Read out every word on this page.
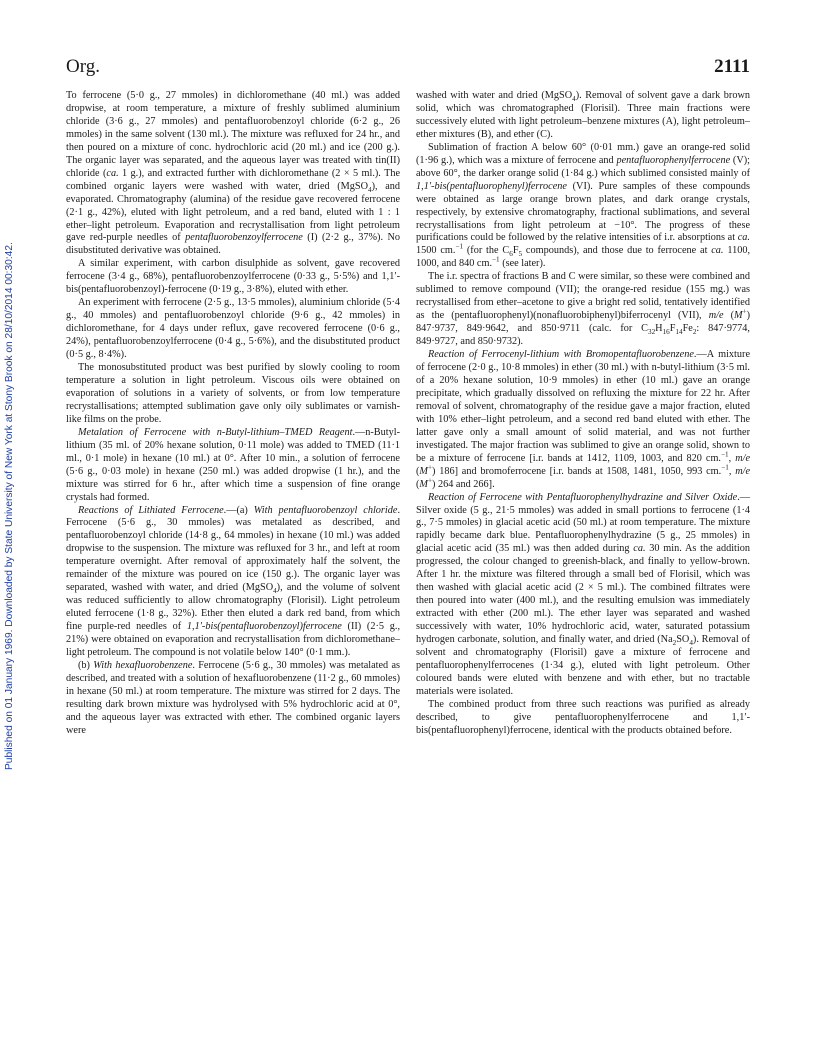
Org.	2111
Published on 01 January 1969. Downloaded by State University of New York at Stony Brook on 28/10/2014 00:30:42.

To ferrocene (5·0 g., 27 mmoles) in dichloromethane (40 ml.) was added dropwise, at room temperature, a mixture of freshly sublimed aluminium chloride (3·6 g., 27 mmoles) and pentafluorobenzoyl chloride (6·2 g., 26 mmoles) in the same solvent (130 ml.). The mixture was refluxed for 24 hr., and then poured on a mixture of conc. hydrochloric acid (20 ml.) and ice (200 g.). The organic layer was separated, and the aqueous layer was treated with tin(II) chloride (ca. 1 g.), and extracted further with dichloromethane (2 × 5 ml.). The combined organic layers were washed with water, dried (MgSO$_4$), and evaporated. Chromatography (alumina) of the residue gave recovered ferrocene (2·1 g., 42%), eluted with light petroleum, and a red band, eluted with 1 : 1 ether–light petroleum. Evaporation and recrystallisation from light petroleum gave red-purple needles of pentafluorobenzoylferrocene (I) (2·2 g., 37%). No disubstituted derivative was obtained.

A similar experiment, with carbon disulphide as solvent, gave recovered ferrocene (3·4 g., 68%), pentafluorobenzoylferrocene (0·33 g., 5·5%) and 1,1′-bis(pentafluorobenzoyl)-ferrocene (0·19 g., 3·8%), eluted with ether.

An experiment with ferrocene (2·5 g., 13·5 mmoles), aluminium chloride (5·4 g., 40 mmoles) and pentafluorobenzoyl chloride (9·6 g., 42 mmoles) in dichloromethane, for 4 days under reflux, gave recovered ferrocene (0·6 g., 24%), pentafluorobenzoylferrocene (0·4 g., 5·6%), and the disubstituted product (0·5 g., 8·4%).

The monosubstituted product was best purified by slowly cooling to room temperature a solution in light petroleum. Viscous oils were obtained on evaporation of solutions in a variety of solvents, or from low temperature recrystallisations; attempted sublimation gave only oily sublimates or varnish-like films on the probe.

Metalation of Ferrocene with n-Butyl-lithium–TMED Reagent.—n-Butyl-lithium (35 ml. of 20% hexane solution, 0·11 mole) was added to TMED (11·1 ml., 0·1 mole) in hexane (10 ml.) at 0°. After 10 min., a solution of ferrocene (5·6 g., 0·03 mole) in hexane (250 ml.) was added dropwise (1 hr.), and the mixture was stirred for 6 hr., after which time a suspension of fine orange crystals had formed.

Reactions of Lithiated Ferrocene.—(a) With pentafluorobenzoyl chloride. Ferrocene (5·6 g., 30 mmoles) was metalated as described, and pentafluorobenzoyl chloride (14·8 g., 64 mmoles) in hexane (10 ml.) was added dropwise to the suspension. The mixture was refluxed for 3 hr., and left at room temperature overnight. After removal of approximately half the solvent, the remainder of the mixture was poured on ice (150 g.). The organic layer was separated, washed with water, and dried (MgSO$_4$), and the volume of solvent was reduced sufficiently to allow chromatography (Florisil). Light petroleum eluted ferrocene (1·8 g., 32%). Ether then eluted a dark red band, from which fine purple-red needles of 1,1′-bis(pentafluorobenzoyl)ferrocene (II) (2·5 g., 21%) were obtained on evaporation and recrystallisation from dichloromethane–light petroleum. The compound is not volatile below 140° (0·1 mm.).

(b) With hexafluorobenzene. Ferrocene (5·6 g., 30 mmoles) was metalated as described, and treated with a solution of hexafluorobenzene (11·2 g., 60 mmoles) in hexane (50 ml.) at room temperature. The mixture was stirred for 2 days. The resulting dark brown mixture was hydrolysed with 5% hydrochloric acid at 0°, and the aqueous layer was extracted with ether. The combined organic layers were

washed with water and dried (MgSO$_4$). Removal of solvent gave a dark brown solid, which was chromatographed (Florisil). Three main fractions were successively eluted with light petroleum–benzene mixtures (A), light petroleum–ether mixtures (B), and ether (C).

Sublimation of fraction A below 60° (0·01 mm.) gave an orange-red solid (1·96 g.), which was a mixture of ferrocene and pentafluorophenylferrocene (V); above 60°, the darker orange solid (1·84 g.) which sublimed consisted mainly of 1,1′-bis(pentafluorophenyl)ferrocene (VI). Pure samples of these compounds were obtained as large orange brown plates, and dark orange crystals, respectively, by extensive chromatography, fractional sublimations, and several recrystallisations from light petroleum at −10°. The progress of these purifications could be followed by the relative intensities of i.r. absorptions at ca. 1500 cm.$^{-1}$ (for the $C_6F_5$ compounds), and those due to ferrocene at ca. 1100, 1000, and 840 cm.$^{-1}$ (see later).

The i.r. spectra of fractions B and C were similar, so these were combined and sublimed to remove compound (VII); the orange-red residue (155 mg.) was recrystallised from ether–acetone to give a bright red solid, tentatively identified as the (pentafluorophenyl)(nonafluorobiphenyl)biferrocenyl (VII), m/e (M+) 847·9737, 849·9642, and 850·9711 (calc. for $C_{32}H_{16}F_{14}Fe_2$: 847·9774, 849·9727, and 850·9732).

Reaction of Ferrocenyl-lithium with Bromopentafluorobenzene.—A mixture of ferrocene (2·0 g., 10·8 mmoles) in ether (30 ml.) with n-butyl-lithium (3·5 ml. of a 20% hexane solution, 10·9 mmoles) in ether (10 ml.) gave an orange precipitate, which gradually dissolved on refluxing the mixture for 22 hr. After removal of solvent, chromatography of the residue gave a major fraction, eluted with 10% ether–light petroleum, and a second red band eluted with ether. The latter gave only a small amount of solid material, and was not further investigated. The major fraction was sublimed to give an orange solid, shown to be a mixture of ferrocene [i.r. bands at 1412, 1109, 1003, and 820 cm.$^{-1}$, m/e (M+) 186] and bromoferrocene [i.r. bands at 1508, 1481, 1050, 993 cm.$^{-1}$, m/e (M+) 264 and 266].

Reaction of Ferrocene with Pentafluorophenylhydrazine and Silver Oxide.—Silver oxide (5 g., 21·5 mmoles) was added in small portions to ferrocene (1·4 g., 7·5 mmoles) in glacial acetic acid (50 ml.) at room temperature. The mixture rapidly became dark blue. Pentafluorophenylhydrazine (5 g., 25 mmoles) in glacial acetic acid (35 ml.) was then added during ca. 30 min. As the addition progressed, the colour changed to greenish-black, and finally to yellow-brown. After 1 hr. the mixture was filtered through a small bed of Florisil, which was then washed with glacial acetic acid (2 × 5 ml.). The combined filtrates were then poured into water (400 ml.), and the resulting emulsion was immediately extracted with ether (200 ml.). The ether layer was separated and washed successively with water, 10% hydrochloric acid, water, saturated potassium hydrogen carbonate, solution, and finally water, and dried $(Na_2SO_4)$. Removal of solvent and chromatography (Florisil) gave a mixture of ferrocene and pentafluorophenylferrocenes (1·34 g.), eluted with light petroleum. Other coloured bands were eluted with benzene and with ether, but no tractable materials were isolated.

The combined product from three such reactions was purified as already described, to give pentafluorophenylferrocene and 1,1′-bis(pentafluorophenyl)ferrocene, identical with the products obtained before.
